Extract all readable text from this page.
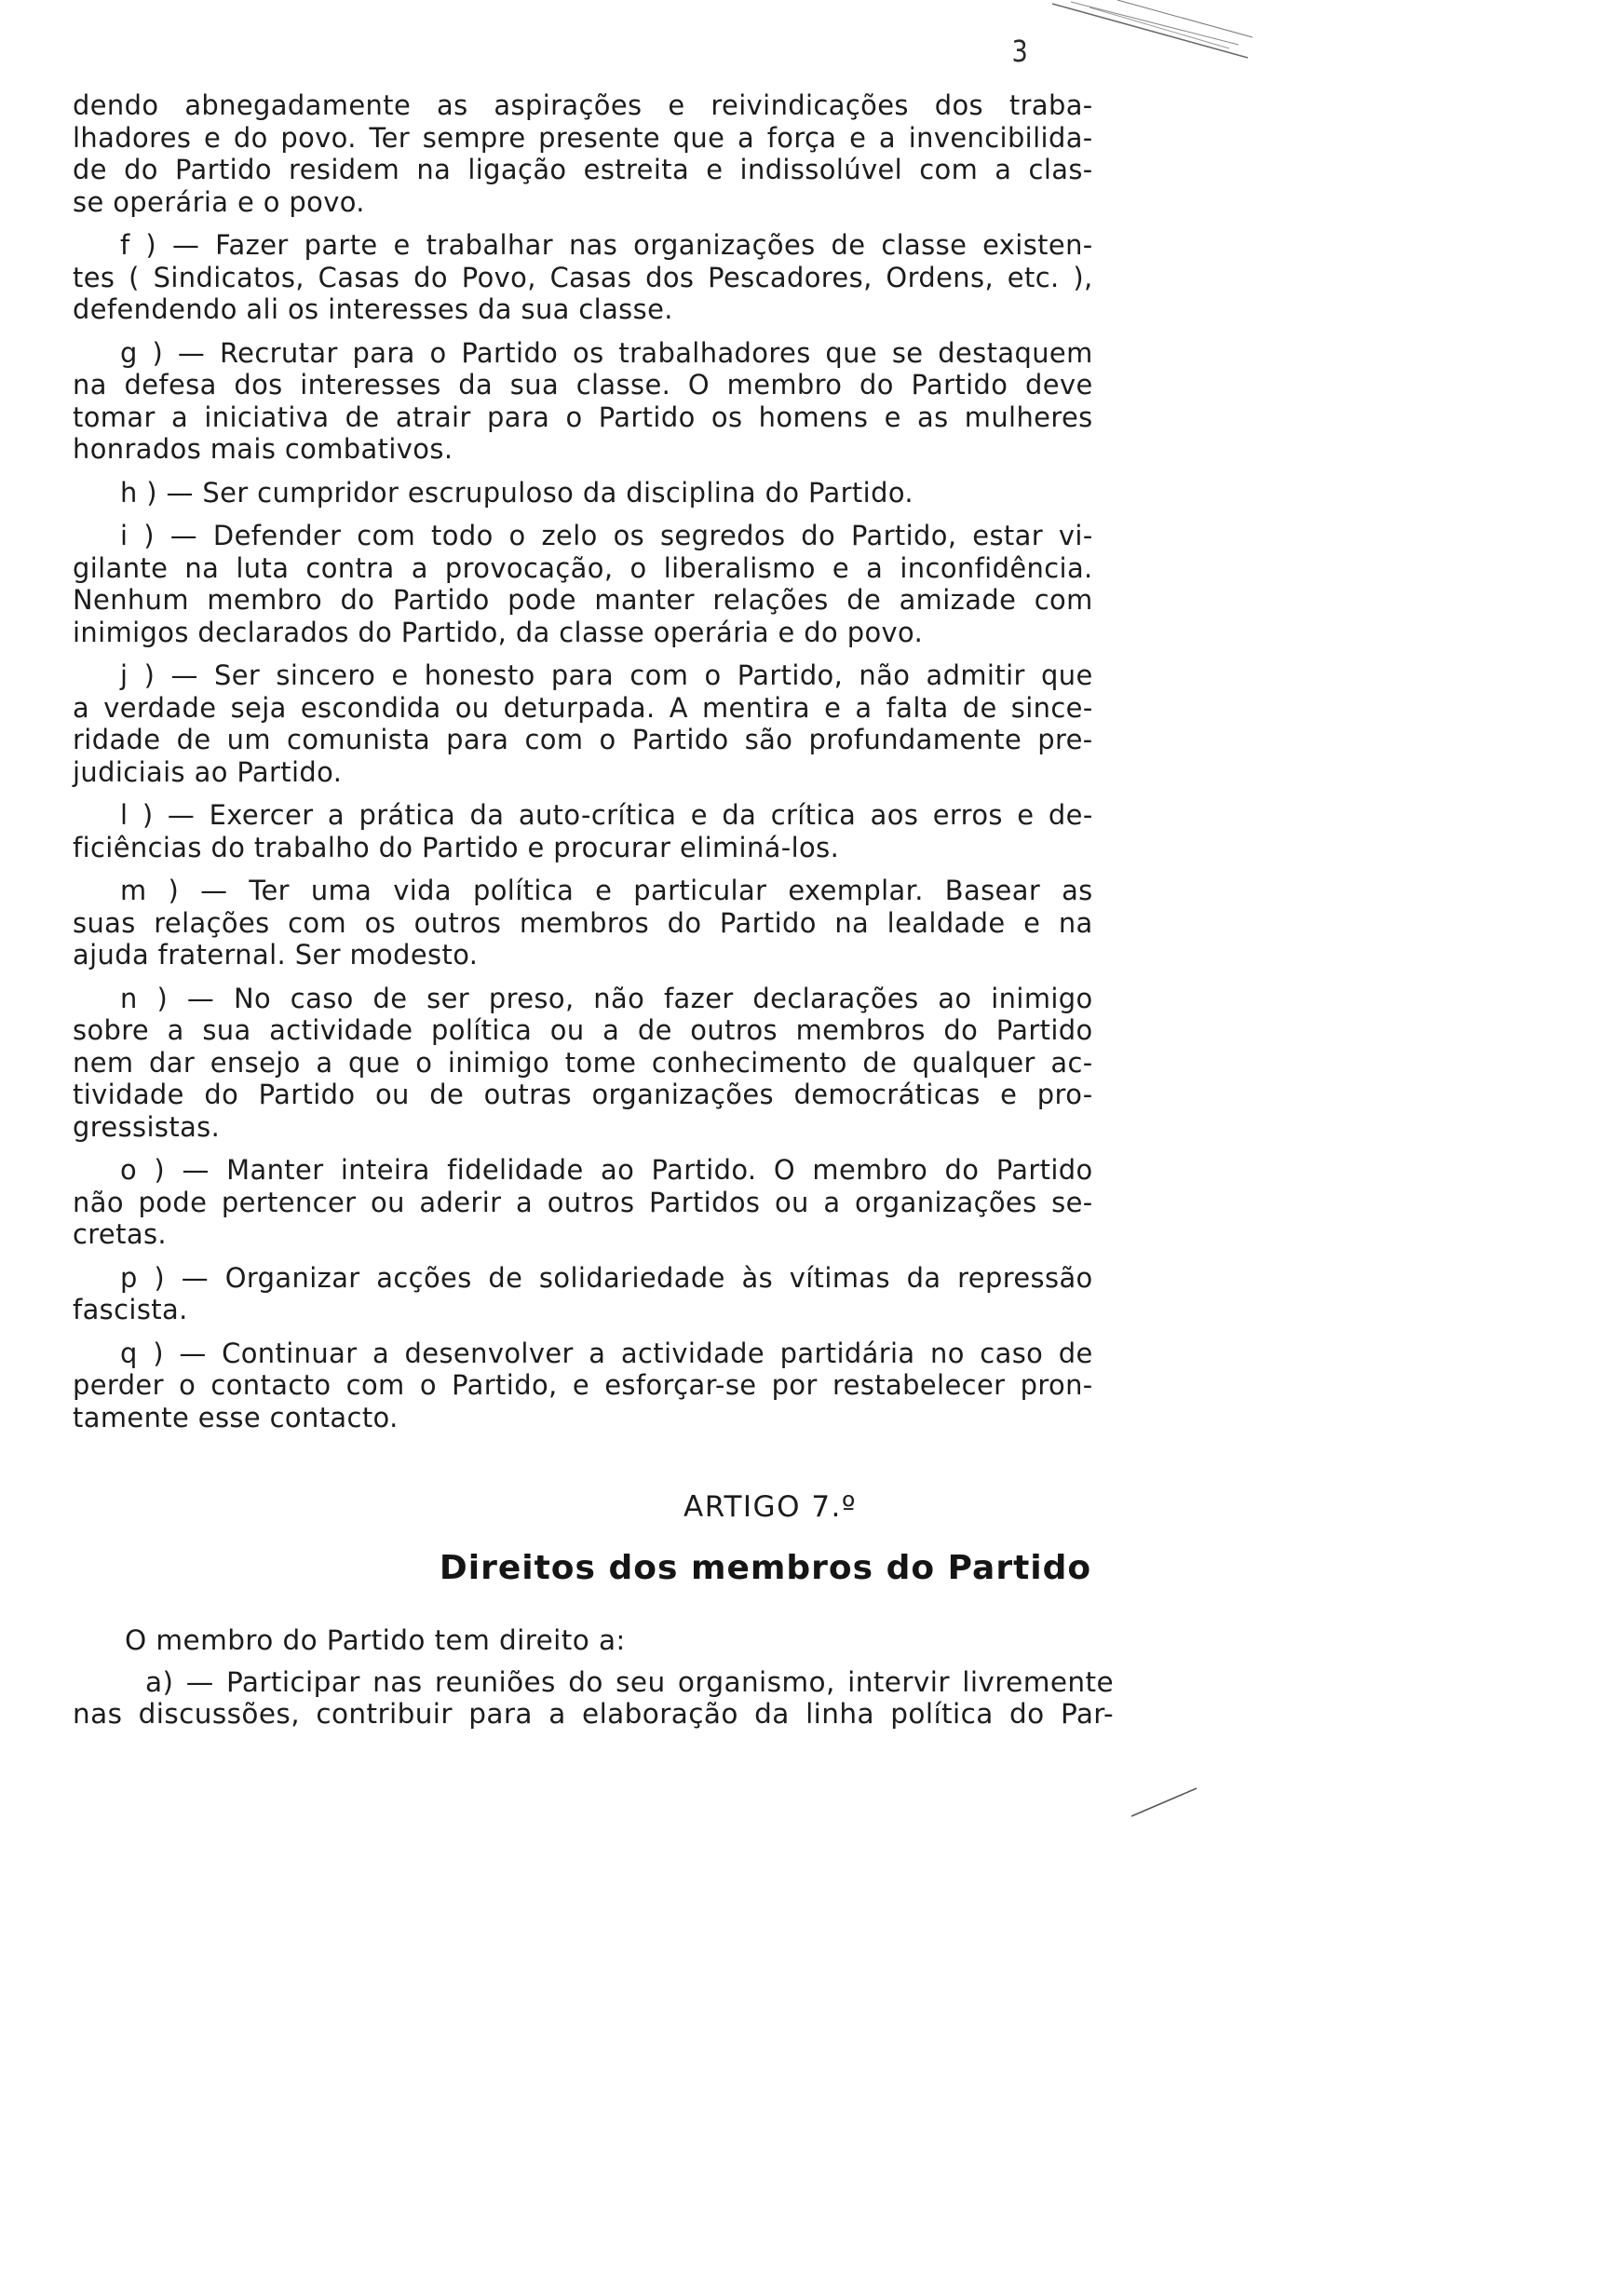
3
dendo abnegadamente as aspirações e reivindicações dos traba-
lhadores e do povo. Ter sempre presente que a força e a invencibilida-
de do Partido residem na ligação estreita e indissolúvel com a clas-
se operária e o povo.
f ) — Fazer parte e trabalhar nas organizações de classe existen-
tes ( Sindicatos, Casas do Povo, Casas dos Pescadores, Ordens, etc. ),
defendendo ali os interesses da sua classe.
g ) — Recrutar para o Partido os trabalhadores que se destaquem
na defesa dos interesses da sua classe. O membro do Partido deve
tomar a iniciativa de atrair para o Partido os homens e as mulheres
honrados mais combativos.
h ) — Ser cumpridor escrupuloso da disciplina do Partido.
i ) — Defender com todo o zelo os segredos do Partido, estar vi-
gilante na luta contra a provocação, o liberalismo e a inconfidência.
Nenhum membro do Partido pode manter relações de amizade com
inimigos declarados do Partido, da classe operária e do povo.
j ) — Ser sincero e honesto para com o Partido, não admitir que
a verdade seja escondida ou deturpada. A mentira e a falta de since-
ridade de um comunista para com o Partido são profundamente pre-
judiciais ao Partido.
l ) — Exercer a prática da auto-crítica e da crítica aos erros e de-
ficiências do trabalho do Partido e procurar eliminá-los.
m ) — Ter uma vida política e particular exemplar. Basear as
suas relações com os outros membros do Partido na lealdade e na
ajuda fraternal. Ser modesto.
n ) — No caso de ser preso, não fazer declarações ao inimigo
sobre a sua actividade política ou a de outros membros do Partido
nem dar ensejo a que o inimigo tome conhecimento de qualquer ac-
tividade do Partido ou de outras organizações democráticas e pro-
gressistas.
o ) — Manter inteira fidelidade ao Partido. O membro do Partido
não pode pertencer ou aderir a outros Partidos ou a organizações se-
cretas.
p ) — Organizar acções de solidariedade às vítimas da repressão
fascista.
q ) — Continuar a desenvolver a actividade partidária no caso de
perder o contacto com o Partido, e esforçar-se por restabelecer pron-
tamente esse contacto.
ARTIGO 7.º
Direitos dos membros do Partido
O membro do Partido tem direito a:
a) — Participar nas reuniões do seu organismo, intervir livremente
nas discussões, contribuir para a elaboração da linha política do Par-
